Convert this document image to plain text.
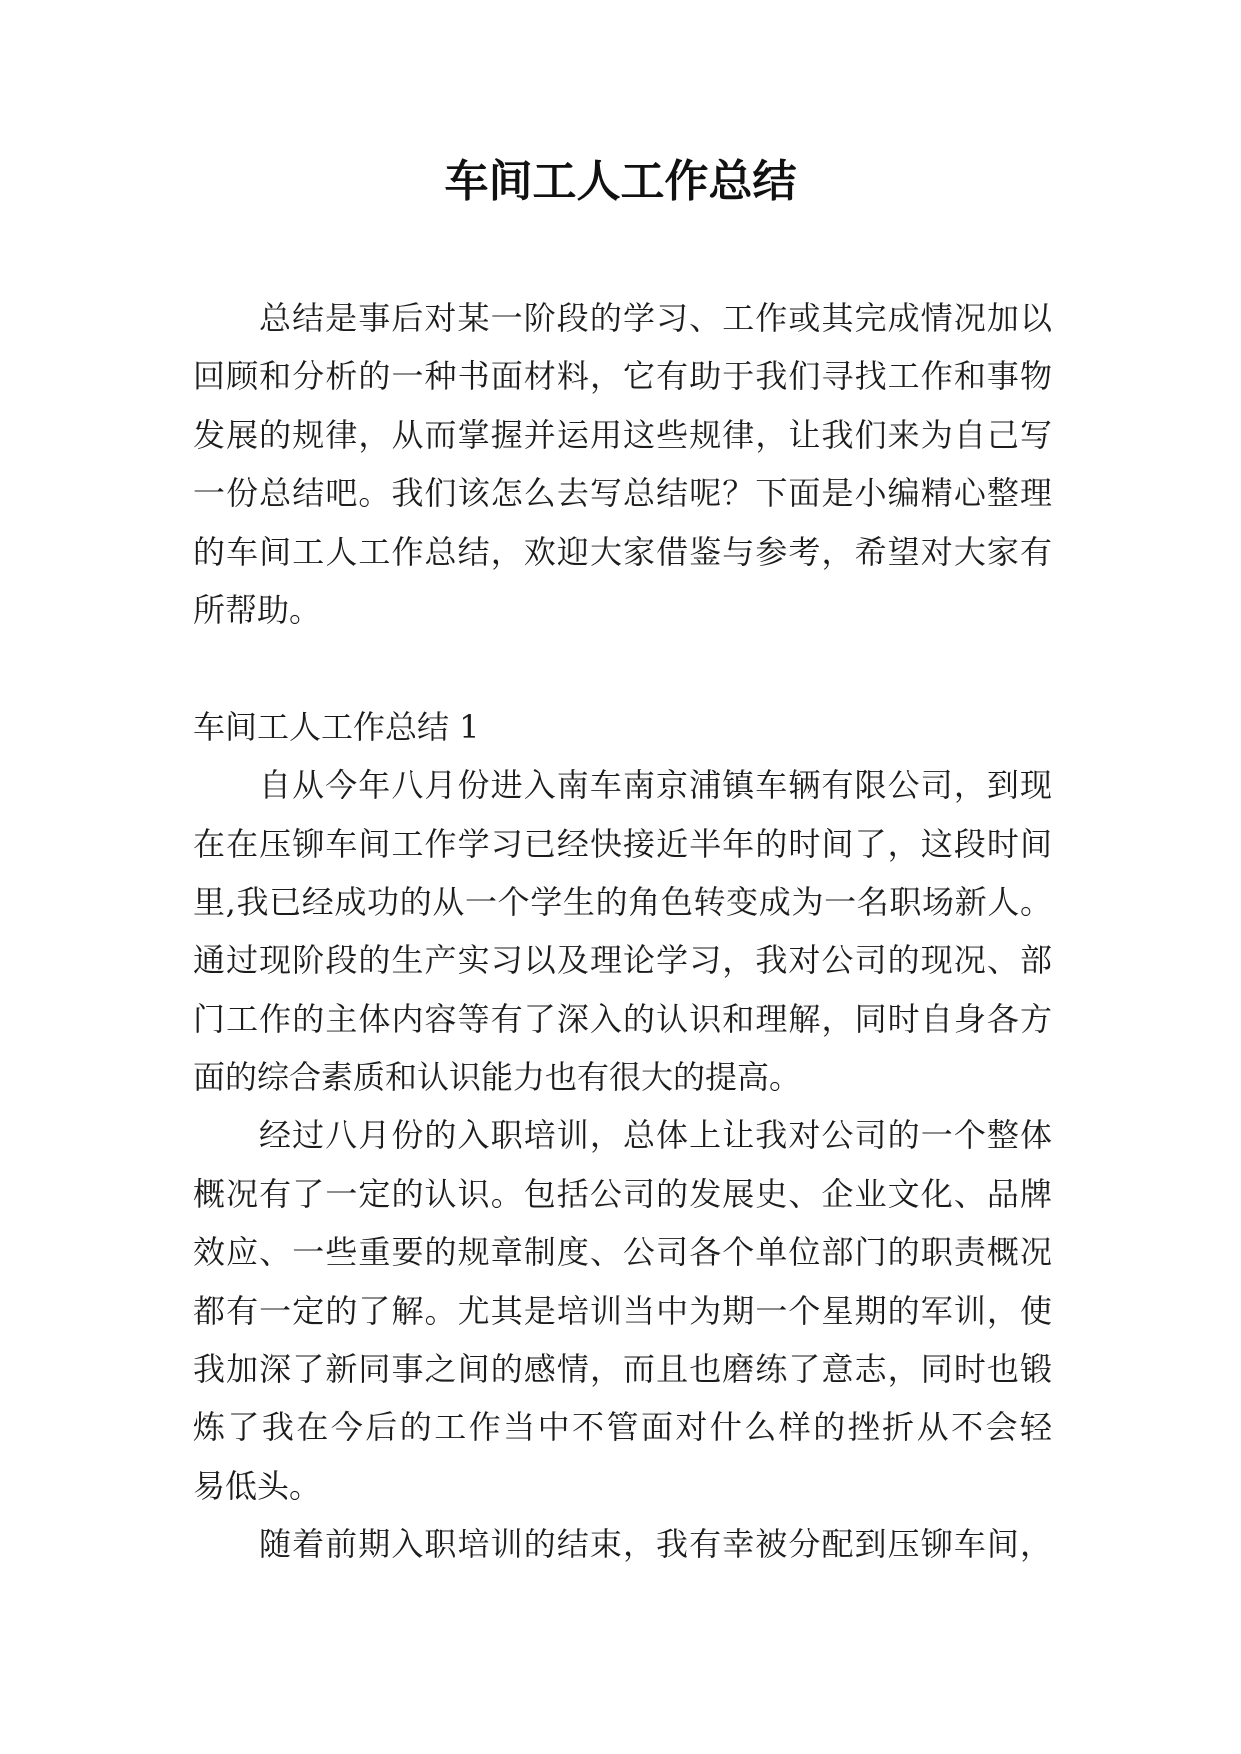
车间工人工作总结
总结是事后对某一阶段的学习、工作或其完成情况加以
回顾和分析的一种书面材料，它有助于我们寻找工作和事物
发展的规律，从而掌握并运用这些规律，让我们来为自己写
一份总结吧。我们该怎么去写总结呢？下面是小编精心整理
的车间工人工作总结，欢迎大家借鉴与参考，希望对大家有
所帮助。
车间工人工作总结 1
自从今年八月份进入南车南京浦镇车辆有限公司，到现
在在压铆车间工作学习已经快接近半年的时间了，这段时间
里,我已经成功的从一个学生的角色转变成为一名职场新人。
通过现阶段的生产实习以及理论学习，我对公司的现况、部
门工作的主体内容等有了深入的认识和理解，同时自身各方
面的综合素质和认识能力也有很大的提高。
经过八月份的入职培训，总体上让我对公司的一个整体
概况有了一定的认识。包括公司的发展史、企业文化、品牌
效应、一些重要的规章制度、公司各个单位部门的职责概况
都有一定的了解。尤其是培训当中为期一个星期的军训，使
我加深了新同事之间的感情，而且也磨练了意志，同时也锻
炼了我在今后的工作当中不管面对什么样的挫折从不会轻
易低头。
随着前期入职培训的结束，我有幸被分配到压铆车间，
